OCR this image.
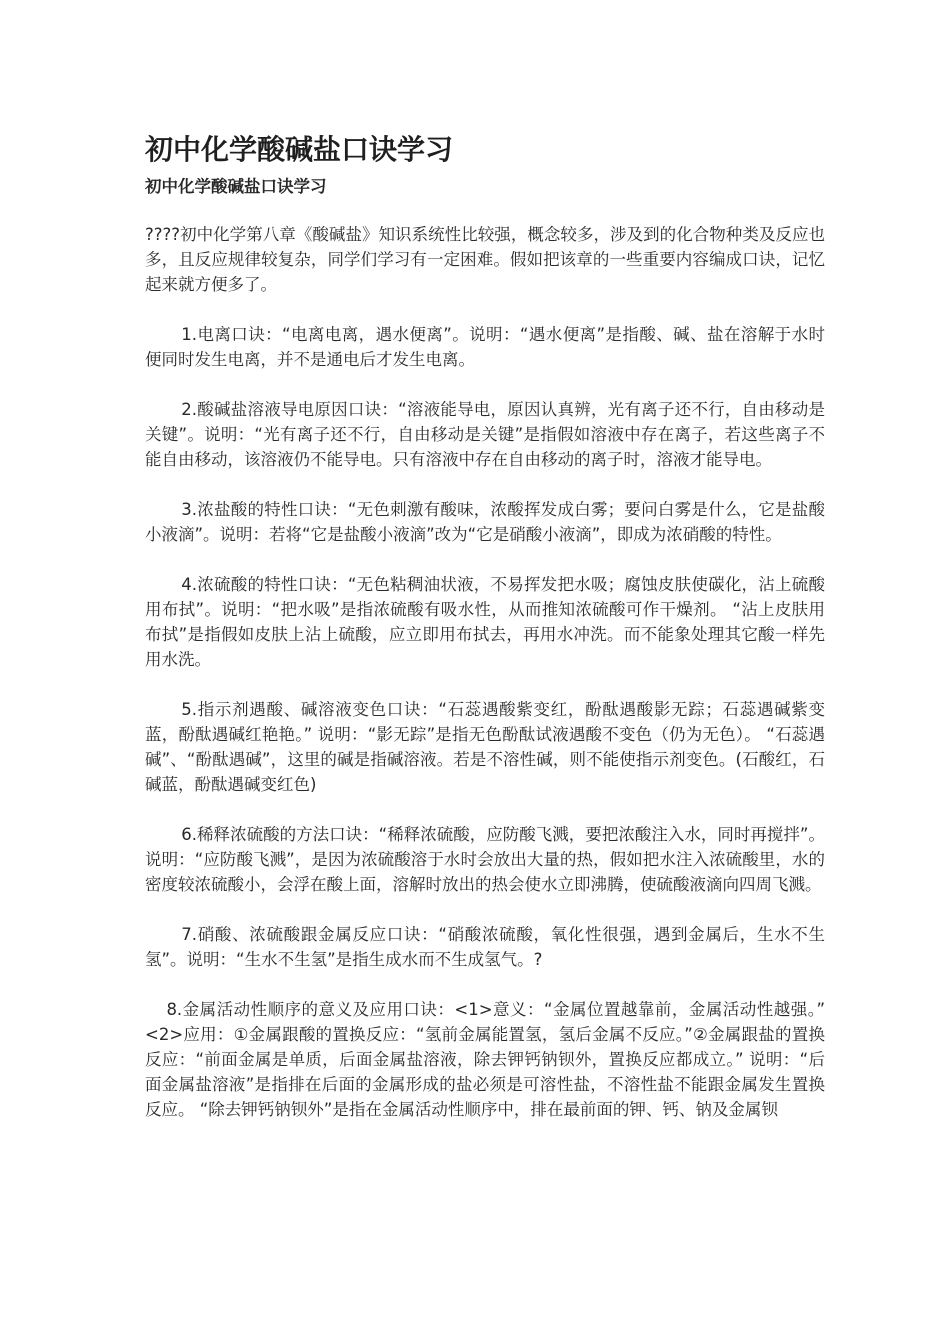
初中化学酸碱盐口诀学习
初中化学酸碱盐口诀学习

????初中化学第八章《酸碱盐》知识系统性比较强，概念较多，涉及到的化合物种类及反应也多，且反应规律较复杂，同学们学习有一定困难。假如把该章的一些重要内容编成口诀，记忆起来就方便多了。

1.电离口诀：“电离电离，遇水便离”。说明：“遇水便离”是指酸、碱、盐在溶解于水时便同时发生电离，并不是通电后才发生电离。

2.酸碱盐溶液导电原因口诀：“溶液能导电，原因认真辨，光有离子还不行，自由移动是关键”。说明：“光有离子还不行，自由移动是关键”是指假如溶液中存在离子，若这些离子不能自由移动，该溶液仍不能导电。只有溶液中存在自由移动的离子时，溶液才能导电。

3.浓盐酸的特性口诀：“无色刺激有酸味，浓酸挥发成白雾；要问白雾是什么，它是盐酸小液滴”。说明：若将“它是盐酸小液滴”改为“它是硝酸小液滴”，即成为浓硝酸的特性。

4.浓硫酸的特性口诀：“无色粘稠油状液，不易挥发把水吸；腐蚀皮肤使碳化，沾上硫酸用布拭”。说明：“把水吸”是指浓硫酸有吸水性，从而推知浓硫酸可作干燥剂。 “沾上皮肤用布拭”是指假如皮肤上沾上硫酸，应立即用布拭去，再用水冲洗。而不能象处理其它酸一样先用水洗。

5.指示剂遇酸、碱溶液变色口诀：“石蕊遇酸紫变红，酚酞遇酸影无踪；石蕊遇碱紫变蓝，酚酞遇碱红艳艳。” 说明：“影无踪”是指无色酚酞试液遇酸不变色（仍为无色）。 “石蕊遇碱”、“酚酞遇碱”，这里的碱是指碱溶液。若是不溶性碱，则不能使指示剂变色。(石酸红，石碱蓝，酚酞遇碱变红色)

6.稀释浓硫酸的方法口诀：“稀释浓硫酸，应防酸飞溅，要把浓酸注入水，同时再搅拌”。说明：“应防酸飞溅”，是因为浓硫酸溶于水时会放出大量的热，假如把水注入浓硫酸里，水的密度较浓硫酸小，会浮在酸上面，溶解时放出的热会使水立即沸腾，使硫酸液滴向四周飞溅。

7.硝酸、浓硫酸跟金属反应口诀：“硝酸浓硫酸，氧化性很强，遇到金属后，生水不生氢”。说明：“生水不生氢”是指生成水而不生成氢气。?

8.金属活动性顺序的意义及应用口诀：<1>意义：“金属位置越靠前，金属活动性越强。” <2>应用：①金属跟酸的置换反应：“氢前金属能置氢，氢后金属不反应。”②金属跟盐的置换反应：“前面金属是单质，后面金属盐溶液，除去钾钙钠钡外，置换反应都成立。” 说明：“后面金属盐溶液”是指排在后面的金属形成的盐必须是可溶性盐，不溶性盐不能跟金属发生置换反应。 “除去钾钙钠钡外”是指在金属活动性顺序中，排在最前面的钾、钙、钠及金属钡
